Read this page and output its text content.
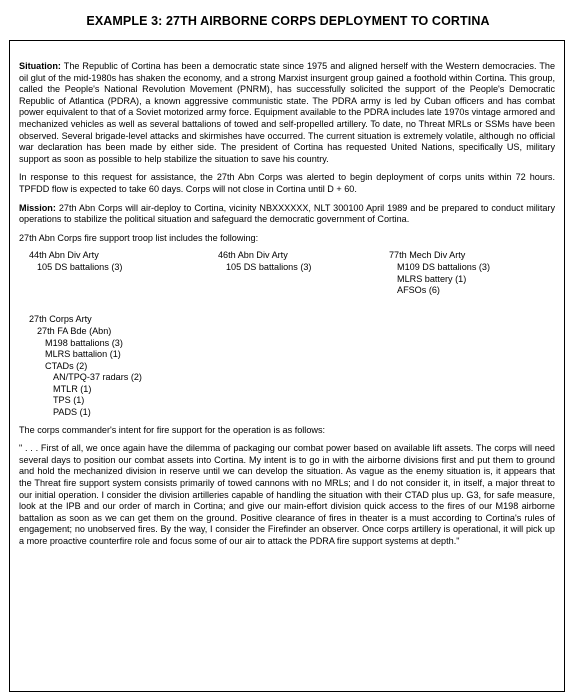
EXAMPLE 3: 27TH AIRBORNE CORPS DEPLOYMENT TO CORTINA

Situation: The Republic of Cortina has been a democratic state since 1975 and aligned herself with the Western democracies. The oil glut of the mid-1980s has shaken the economy, and a strong Marxist insurgent group gained a foothold within Cortina. This group, called the People's National Revolution Movement (PNRM), has successfully solicited the support of the People's Democratic Republic of Atlantica (PDRA), a known aggressive communistic state. The PDRA army is led by Cuban officers and has combat power equivalent to that of a Soviet motorized army force. Equipment available to the PDRA includes late 1970s vintage armored and mechanized vehicles as well as several battalions of towed and self-propelled artillery. To date, no Threat MRLs or SSMs have been observed. Several brigade-level attacks and skirmishes have occurred. The current situation is extremely volatile, although no official war declaration has been made by either side. The president of Cortina has requested United Nations, specifically US, military support as soon as possible to help stabilize the situation to save his country.

In response to this request for assistance, the 27th Abn Corps was alerted to begin deployment of corps units within 72 hours. TPFDD flow is expected to take 60 days. Corps will not close in Cortina until D + 60.

Mission: 27th Abn Corps will air-deploy to Cortina, vicinity NBXXXXXX, NLT 300100 April 1989 and be prepared to conduct military operations to stabilize the political situation and safeguard the democratic government of Cortina.

27th Abn Corps fire support troop list includes the following:

44th Abn Div Arty
105 DS battalions (3)
46th Abn Div Arty
105 DS battalions (3)
77th Mech Div Arty
M109 DS battalions (3)
MLRS battery (1)
AFSOs (6)
27th Corps Arty
27th FA Bde (Abn)
M198 battalions (3)
MLRS battalion (1)
CTADs (2)
AN/TPQ-37 radars (2)
MTLR (1)
TPS (1)
PADS (1)

The corps commander's intent for fire support for the operation is as follows:

" . . . First of all, we once again have the dilemma of packaging our combat power based on available lift assets. The corps will need several days to position our combat assets into Cortina. My intent is to go in with the airborne divisions first and put them to ground and hold the mechanized division in reserve until we can develop the situation. As vague as the enemy situation is, it appears that the Threat fire support system consists primarily of towed cannons with no MRLs; and I do not consider it, in itself, a major threat to our initial operation. I consider the division artilleries capable of handling the situation with their CTAD plus up. G3, for safe measure, look at the IPB and our order of march in Cortina; and give our main-effort division quick access to the fires of our M198 airborne battalion as soon as we can get them on the ground. Positive clearance of fires in theater is a must according to Cortina's rules of engagement; no unobserved fires. By the way, I consider the Firefinder an observer. Once corps artillery is operational, it will pick up a more proactive counterfire role and focus some of our air to attack the PDRA fire support systems at depth."
